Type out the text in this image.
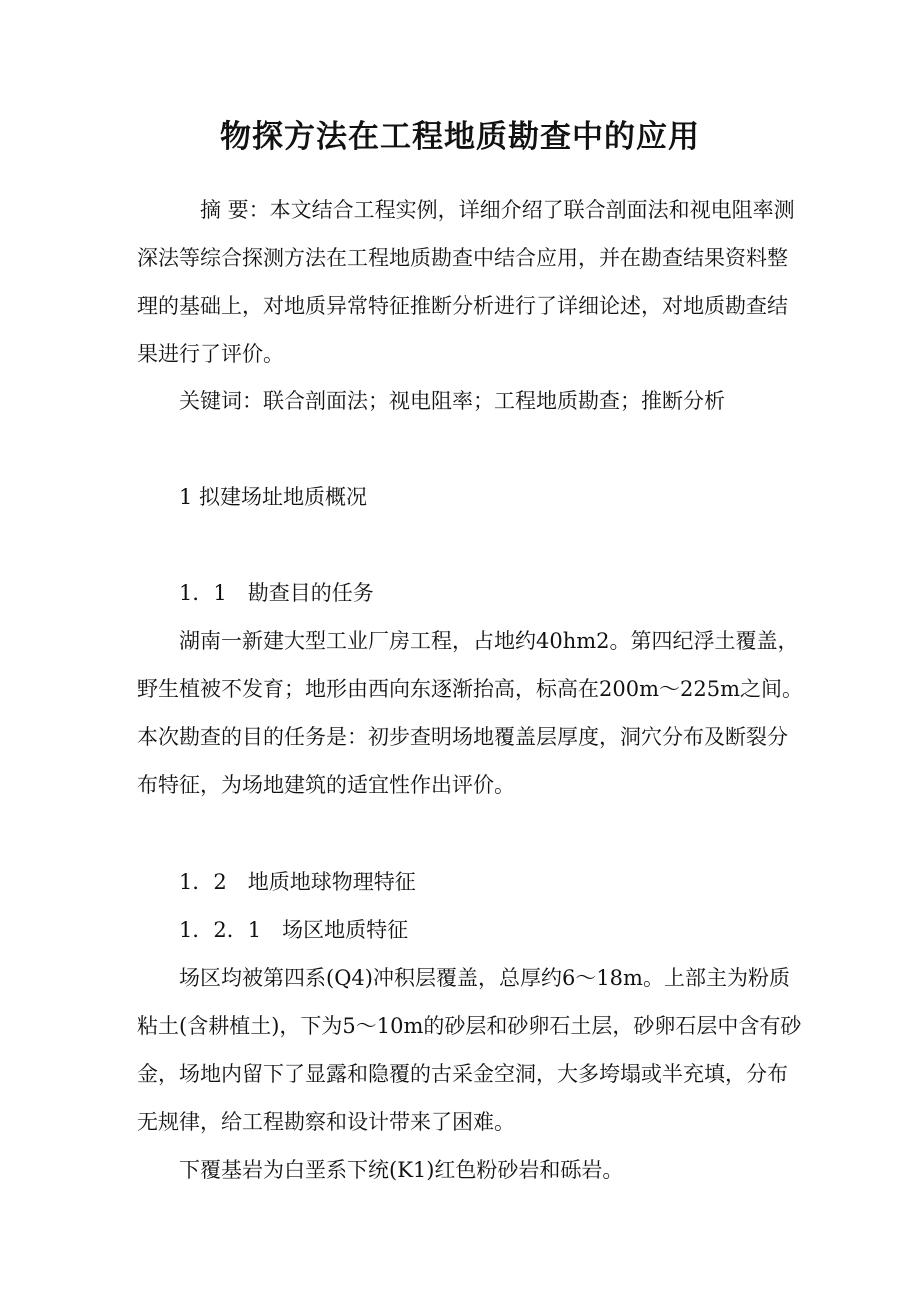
物探方法在工程地质勘查中的应用

摘 要：本文结合工程实例，详细介绍了联合剖面法和视电阻率测深法等综合探测方法在工程地质勘查中结合应用，并在勘查结果资料整理的基础上，对地质异常特征推断分析进行了详细论述，对地质勘查结果进行了评价。

关键词：联合剖面法；视电阻率；工程地质勘查；推断分析

1 拟建场址地质概况

1．1　勘查目的任务

湖南一新建大型工业厂房工程，占地约40hm2。第四纪浮土覆盖，野生植被不发育；地形由西向东逐渐抬高，标高在200m～225m之间。本次勘查的目的任务是：初步查明场地覆盖层厚度，洞穴分布及断裂分布特征，为场地建筑的适宜性作出评价。

1．2　地质地球物理特征

1．2．1　场区地质特征

场区均被第四系(Q4)冲积层覆盖，总厚约6～18m。上部主为粉质粘土(含耕植土)，下为5～10m的砂层和砂卵石土层，砂卵石层中含有砂金，场地内留下了显露和隐覆的古采金空洞，大多垮塌或半充填，分布无规律，给工程勘察和设计带来了困难。

下覆基岩为白垩系下统(K1)红色粉砂岩和砾岩。
